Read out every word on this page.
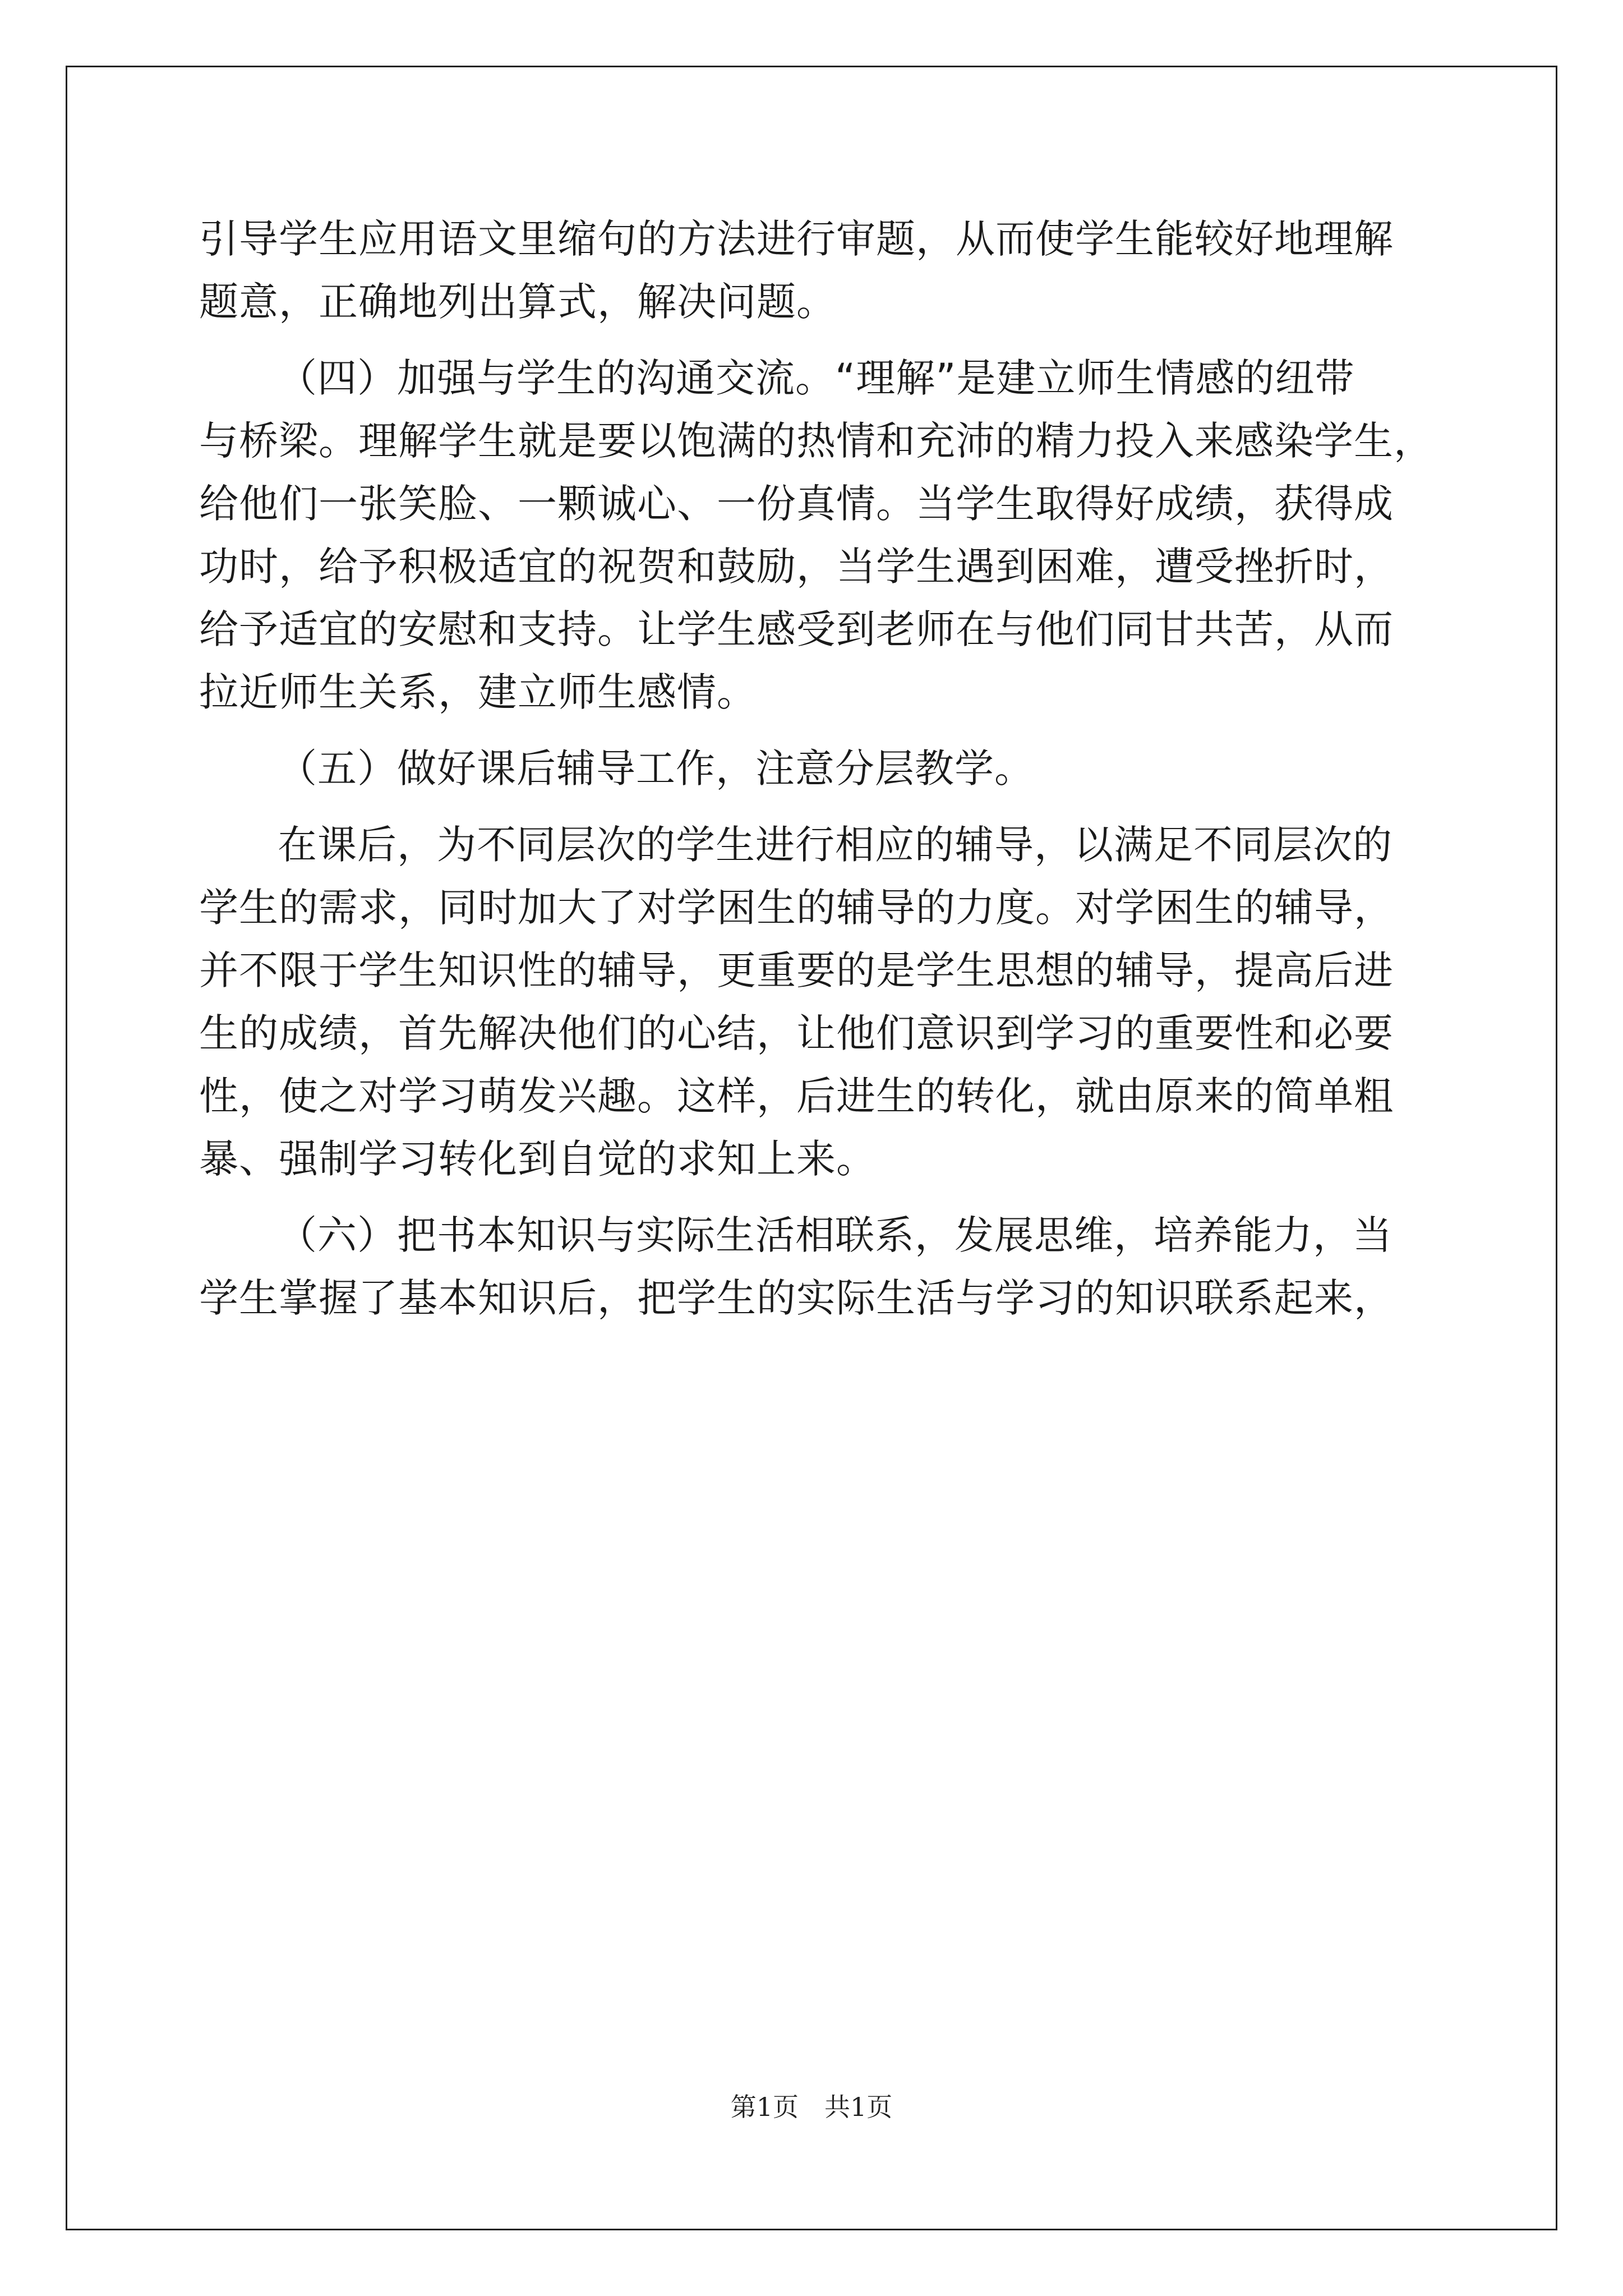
引导学生应用语文里缩句的方法进行审题，从而使学生能较好地理解
题意，正确地列出算式，解决问题。
（四）加强与学生的沟通交流。“理解”是建立师生情感的纽带
与桥梁。理解学生就是要以饱满的热情和充沛的精力投入来感染学生，
给他们一张笑脸、一颗诚心、一份真情。当学生取得好成绩，获得成
功时，给予积极适宜的祝贺和鼓励，当学生遇到困难，遭受挫折时，
给予适宜的安慰和支持。让学生感受到老师在与他们同甘共苦，从而
拉近师生关系，建立师生感情。
（五）做好课后辅导工作，注意分层教学。
在课后，为不同层次的学生进行相应的辅导，以满足不同层次的
学生的需求，同时加大了对学困生的辅导的力度。对学困生的辅导，
并不限于学生知识性的辅导，更重要的是学生思想的辅导，提高后进
生的成绩，首先解决他们的心结，让他们意识到学习的重要性和必要
性，使之对学习萌发兴趣。这样，后进生的转化，就由原来的简单粗
暴、强制学习转化到自觉的求知上来。
（六）把书本知识与实际生活相联系，发展思维，培养能力，当
学生掌握了基本知识后，把学生的实际生活与学习的知识联系起来，
第1页　共1页
